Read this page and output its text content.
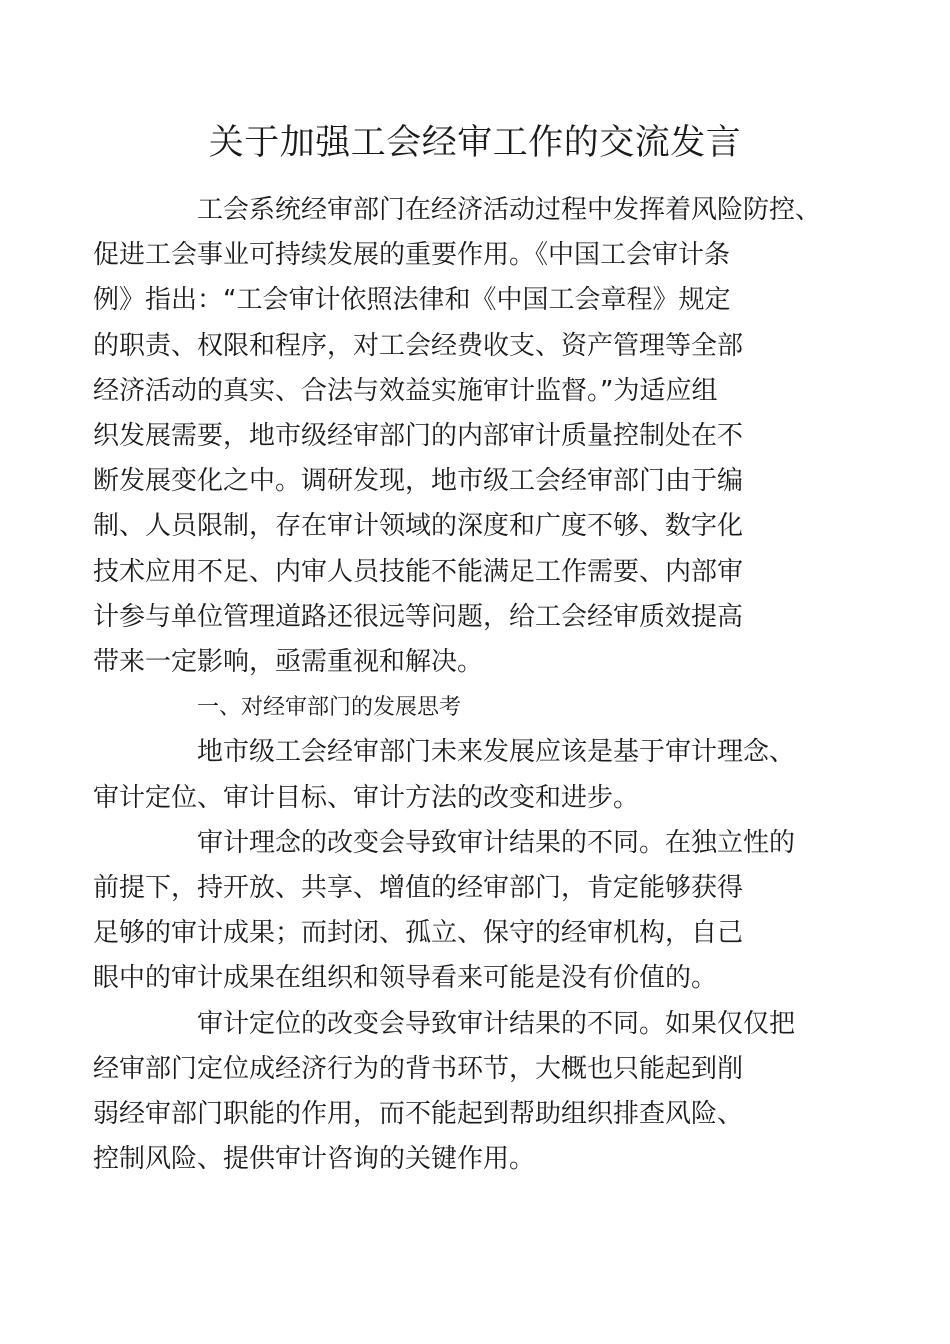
关于加强工会经审工作的交流发言

工会系统经审部门在经济活动过程中发挥着风险防控、
促进工会事业可持续发展的重要作用。《中国工会审计条
例》指出：“工会审计依照法律和《中国工会章程》规定
的职责、权限和程序，对工会经费收支、资产管理等全部
经济活动的真实、合法与效益实施审计监督。”为适应组
织发展需要，地市级经审部门的内部审计质量控制处在不
断发展变化之中。调研发现，地市级工会经审部门由于编
制、人员限制，存在审计领域的深度和广度不够、数字化
技术应用不足、内审人员技能不能满足工作需要、内部审
计参与单位管理道路还很远等问题，给工会经审质效提高
带来一定影响，亟需重视和解决。

一、对经审部门的发展思考

地市级工会经审部门未来发展应该是基于审计理念、
审计定位、审计目标、审计方法的改变和进步。

审计理念的改变会导致审计结果的不同。在独立性的
前提下，持开放、共享、增值的经审部门，肯定能够获得
足够的审计成果；而封闭、孤立、保守的经审机构，自己
眼中的审计成果在组织和领导看来可能是没有价值的。

审计定位的改变会导致审计结果的不同。如果仅仅把
经审部门定位成经济行为的背书环节，大概也只能起到削
弱经审部门职能的作用，而不能起到帮助组织排查风险、
控制风险、提供审计咨询的关键作用。
